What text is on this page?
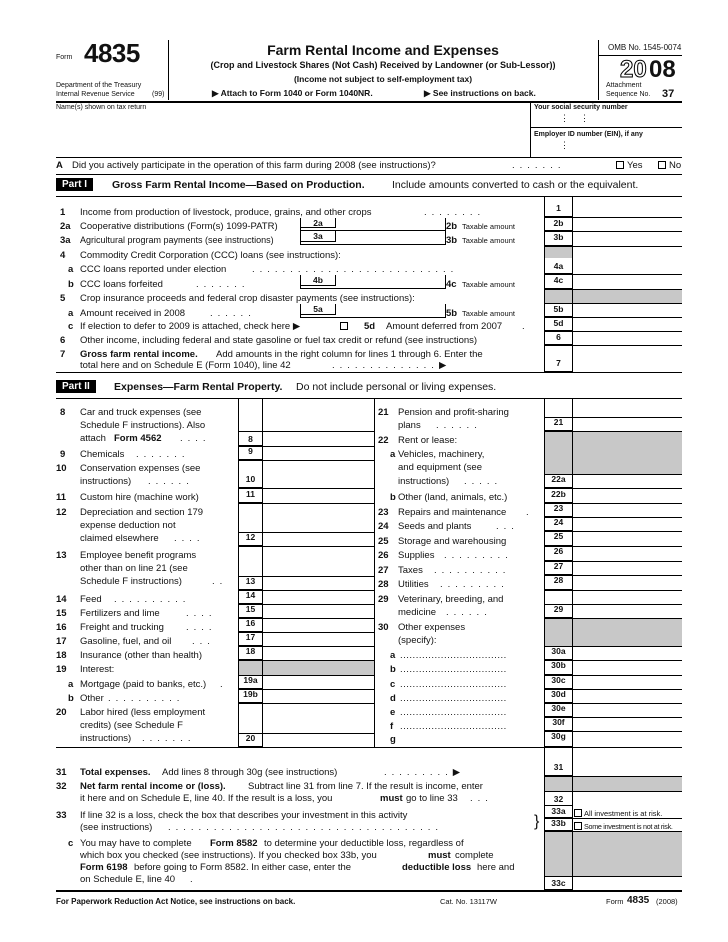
Form 4835
Department of the Treasury
Internal Revenue Service (99)
Farm Rental Income and Expenses
(Crop and Livestock Shares (Not Cash) Received by Landowner (or Sub-Lessor))
(Income not subject to self-employment tax)
▶ Attach to Form 1040 or Form 1040NR.	▶ See instructions on back.
OMB No. 1545-0074
20 08
Attachment
Sequence No. 37
Name(s) shown on tax return	Your social security number
Employer ID number (EIN), if any
⋮ ⋮
⋮
A Did you actively participate in the operation of this farm during 2008 (see instructions)?	.......	Yes	No
Part I	Gross Farm Rental Income—Based on Production.	Include amounts converted to cash or the equivalent.
1 Income from production of livestock, produce, grains, and other crops	........	1
2a Cooperative distributions (Form(s) 1099-PATR)	2a	2b Taxable amount	2b
3a Agricultural program payments (see instructions)	3a	3b Taxable amount	3b
4 Commodity Credit Corporation (CCC) loans (see instructions):
a CCC loans reported under election	...........................	4a
b CCC loans forfeited	.......	4b	4c Taxable amount	4c
5 Crop insurance proceeds and federal crop disaster payments (see instructions):
a Amount received in 2008	......	5a	5b Taxable amount	5b
c If election to defer to 2009 is attached, check here ▶	5d Amount deferred from 2007 .	5d
6 Other income, including federal and state gasoline or fuel tax credit or refund (see instructions)	6
7 Gross farm rental income. Add amounts in the right column for lines 1 through 6. Enter the
total here and on Schedule E (Form 1040), line 42	..............▶	7
Part II	Expenses—Farm Rental Property. Do not include personal or living expenses.
8 Car and truck expenses (see
Schedule F instructions). Also
attach Form 4562 ....	8
9 Chemicals .......	9
10 Conservation expenses (see
instructions) ......	10
11 Custom hire (machine work)	11
12 Depreciation and section 179
expense deduction not
claimed elsewhere ....	12
13 Employee benefit programs
other than on line 21 (see
Schedule F instructions)	..	13
14 Feed ..........	14
15 Fertilizers and lime	....	15
16 Freight and trucking ....	16
17 Gasoline, fuel, and oil ...	17
18 Insurance (other than health)	18
19 Interest:
a Mortgage (paid to banks, etc.) .	19a
b Other ..........	19b
20 Labor hired (less employment
credits) (see Schedule F
instructions) .......	20
21 Pension and profit-sharing
plans ......	21
22 Rent or lease:
a Vehicles, machinery,
and equipment (see
instructions) .....	22a
b Other (land, animals, etc.)	22b
23 Repairs and maintenance .	23
24 Seeds and plants	...	24
25 Storage and warehousing	25
26 Supplies .........	26
27 Taxes ..........	27
28 Utilities .........	28
29 Veterinary, breeding, and
medicine ......	29
30 Other expenses
(specify):
a ..................................	30a
b ..................................	30b
c ..................................	30c
d ..................................	30d
e ..................................	30e
f ..................................	30f
g	30g
31 Total expenses. Add lines 8 through 30g (see instructions)	.........▶	31
32 Net farm rental income or (loss). Subtract line 31 from line 7. If the result is income, enter
it here and on Schedule E, line 40. If the result is a loss, you	must go to line 33 ...	32
33 If line 32 is a loss, check the box that describes your investment in this activity
(see instructions) ....................................	}
33a
33b
All investment is at risk.
Some investment is not at risk.
c You may have to complete Form 8582 to determine your deductible loss, regardless of
which box you checked (see instructions). If you checked box 33b, you	must complete
Form 6198 before going to Form 8582. In either case, enter the	deductible loss here and
on Schedule E, line 40 .	33c
For Paperwork Reduction Act Notice, see instructions on back.	Cat. No. 13117W	Form 4835 (2008)
